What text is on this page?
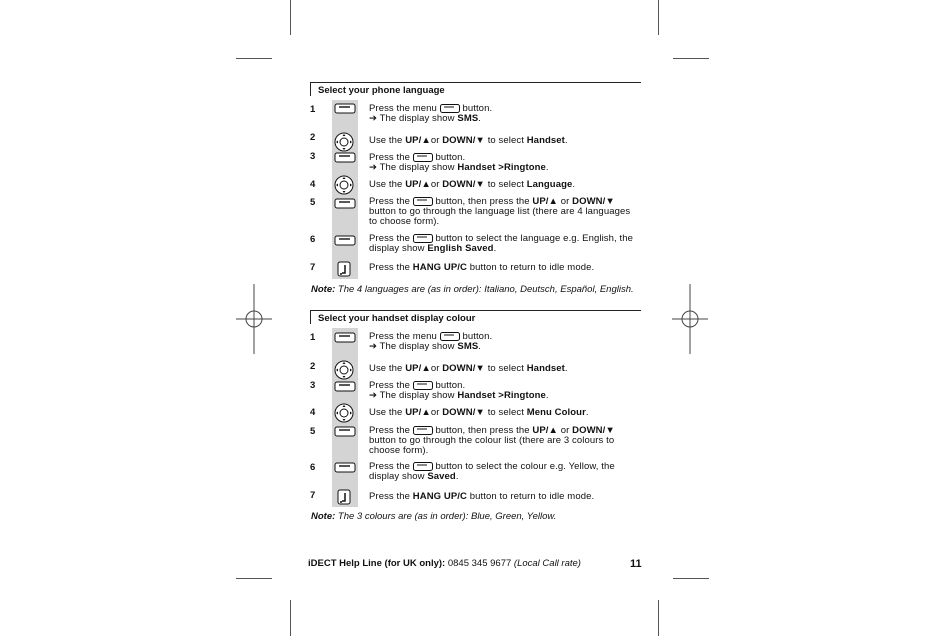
Select your phone language
1	Press the menu	button.
➔ The display show SMS.
2	Use the UP/▲or DOWN/▼ to select Handset.
3	Press the	button.
➔ The display show Handset >Ringtone.
4	Use the UP/▲or DOWN/▼ to select Language.
5	Press the	button, then press the UP/▲ or DOWN/▼ button to go through the language list (there are 4 languages to choose form).
6	Press the	button to select the language e.g. English, the display show English Saved.
7	Press the HANG UP/C button to return to idle mode.
Note: The 4 languages are (as in order): Italiano, Deutsch, Español, English.
Select your handset display colour
1	Press the menu	button.
➔ The display show SMS.
2	Use the UP/▲or DOWN/▼ to select Handset.
3	Press the	button.
➔ The display show Handset >Ringtone.
4	Use the UP/▲or DOWN/▼ to select Menu Colour.
5	Press the	button, then press the UP/▲ or DOWN/▼ button to go through the colour list (there are 3 colours to choose form).
6	Press the	button to select the colour e.g. Yellow, the display show Saved.
7	Press the HANG UP/C button to return to idle mode.
Note: The 3 colours are (as in order): Blue, Green, Yellow.
iDECT Help Line (for UK only): 0845 345 9677 (Local Call rate)	11
